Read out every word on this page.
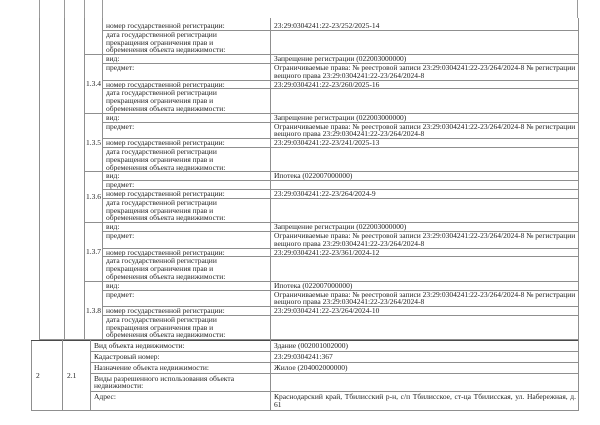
			номер государственной регистрации:	23:29:0304241:22-23/252/2025-14
			дата государственной регистрации прекращения ограничения прав и обременения объекта недвижимости:	
		1.3.4	вид:	Запрещение регистрации (022003000000)
			предмет:	Ограничиваемые права: № реестровой записи 23:29:0304241:22-23/264/2024-8 № регистрации вещного права 23:29:0304241:22-23/264/2024-8
			номер государственной регистрации:	23:29:0304241:22-23/260/2025-16
			дата государственной регистрации прекращения ограничения прав и обременения объекта недвижимости:	
		1.3.5	вид:	Запрещение регистрации (022003000000)
			предмет:	Ограничиваемые права: № реестровой записи 23:29:0304241:22-23/264/2024-8 № регистрации вещного права 23:29:0304241:22-23/264/2024-8
			номер государственной регистрации:	23:29:0304241:22-23/241/2025-13
			дата государственной регистрации прекращения ограничения прав и обременения объекта недвижимости:	
		1.3.6	вид:	Ипотека (022007000000)
			предмет:	
			номер государственной регистрации:	23:29:0304241:22-23/264/2024-9
			дата государственной регистрации прекращения ограничения прав и обременения объекта недвижимости:	
		1.3.7	вид:	Запрещение регистрации (022003000000)
			предмет:	Ограничиваемые права: № реестровой записи 23:29:0304241:22-23/264/2024-8 № регистрации вещного права 23:29:0304241:22-23/264/2024-8
			номер государственной регистрации:	23:29:0304241:22-23/361/2024-12
			дата государственной регистрации прекращения ограничения прав и обременения объекта недвижимости:	
		1.3.8	вид:	Ипотека (022007000000)
			предмет:	Ограничиваемые права: № реестровой записи 23:29:0304241:22-23/264/2024-8 № регистрации вещного права 23:29:0304241:22-23/264/2024-8
			номер государственной регистрации:	23:29:0304241:22-23/264/2024-10
			дата государственной регистрации прекращения ограничения прав и обременения объекта недвижимости:	
2	2.1	Вид объекта недвижимости:	Здание (002001002000)
		Кадастровый номер:	23:29:0304241:367
		Назначение объекта недвижимости:	Жилое (204002000000)
		Виды разрешенного использования объекта недвижимости:	
		Адрес:	Краснодарский край, Тбилисский р-н, с/п Тбилисское, ст-ца Тбилисская, ул. Набережная, д. 61
